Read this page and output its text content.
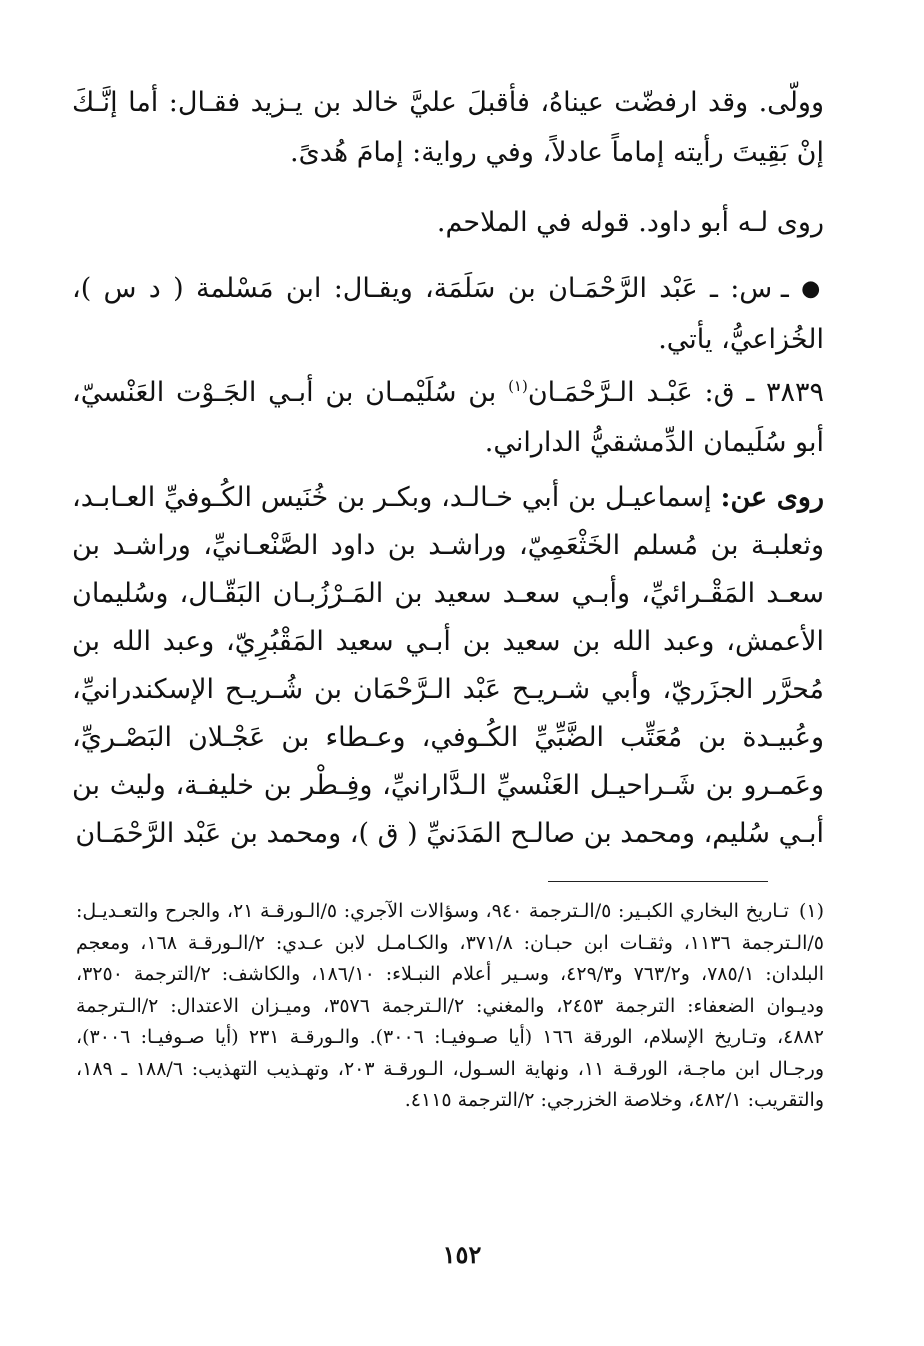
وولّى. وقد ارفضّت عيناهُ، فأقبلَ عليَّ خالد بن يـزيد فقـال: أما إنَّـكَ إنْ بَقِيتَ رأيته إماماً عادلاً، وفي رواية: إمامَ هُدىً.

روى لـه أبو داود. قوله في الملاحم.

● ـ س: ـ عَبْد الرَّحْمَـان بن سَلَمَة، ويقـال: ابن مَسْلمة ( د س )، الخُزاعيُّ، يأتي.

٣٨٣٩ ـ ق: عَبْـد الـرَّحْمَـان$^{(١)}$ بن سُلَيْمـان بن أبـي الجَـوْت العَنْسيّ، أبو سُلَيمان الدِّمشقيُّ الداراني.

روى عن: إسماعيـل بن أبي خـالـد، وبكـر بن خُنَيس الكُـوفيِّ العـابـد، وثعلبـة بن مُسلم الخَثْعَمِيّ، وراشـد بن داود الصَّنْعـانيِّ، وراشـد بن سعـد المَقْـرائيِّ، وأبـي سعـد سعيد بن المَـرْزُبـان البَقّـال، وسُليمان الأعمش، وعبد الله بن سعيد بن أبـي سعيد المَقْبُرِيّ، وعبد الله بن مُحرَّر الجزَريّ، وأبي شـريـح عَبْد الـرَّحْمَان بن شُـريـح الإسكندرانيِّ، وعُبيـدة بن مُعَتِّب الضَّبِّيِّ الكُـوفي، وعـطاء بن عَجْـلان البَصْـريِّ، وعَمـرو بن شَـراحيـل العَنْسيِّ الـدَّارانيِّ، وفِـطْر بن خليفـة، وليث بن أبـي سُليم، ومحمد بن صالـح المَدَنيِّ ( ق )، ومحمد بن عَبْد الرَّحْمَـان

(١)تـاريخ البخاري الكبـير: ٥/الـترجمة ٩٤٠، وسؤالات الآجري: ٥/الـورقـة ٢١، والجرح والتعـديـل: ٥/الـترجمة ١١٣٦، وثقـات ابن حبـان: ٣٧١/٨، والكـامـل لابن عـدي: ٢/الـورقـة ١٦٨، ومعجم البلدان: ٧٨٥/١، و٧٦٣/٢ و٤٢٩/٣، وسـير أعلام النبـلاء: ١٨٦/١٠، والكاشف: ٢/الترجمة ٣٢٥٠، وديـوان الضعفاء: الترجمة ٢٤٥٣، والمغني: ٢/الـترجمة ٣٥٧٦، وميـزان الاعتدال: ٢/الـترجمة ٤٨٨٢، وتـاريخ الإسلام، الورقة ١٦٦ (أيا صـوفيـا: ٣٠٠٦). والـورقـة ٢٣١ (أيا صـوفيـا: ٣٠٠٦)، ورجـال ابن ماجـة، الورقـة ١١، ونهاية السـول، الـورقـة ٢٠٣، وتهـذيب التهذيب: ١٨٨/٦ ـ ١٨٩، والتقريب: ٤٨٢/١، وخلاصة الخزرجي: ٢/الترجمة ٤١١٥.

١٥٢
